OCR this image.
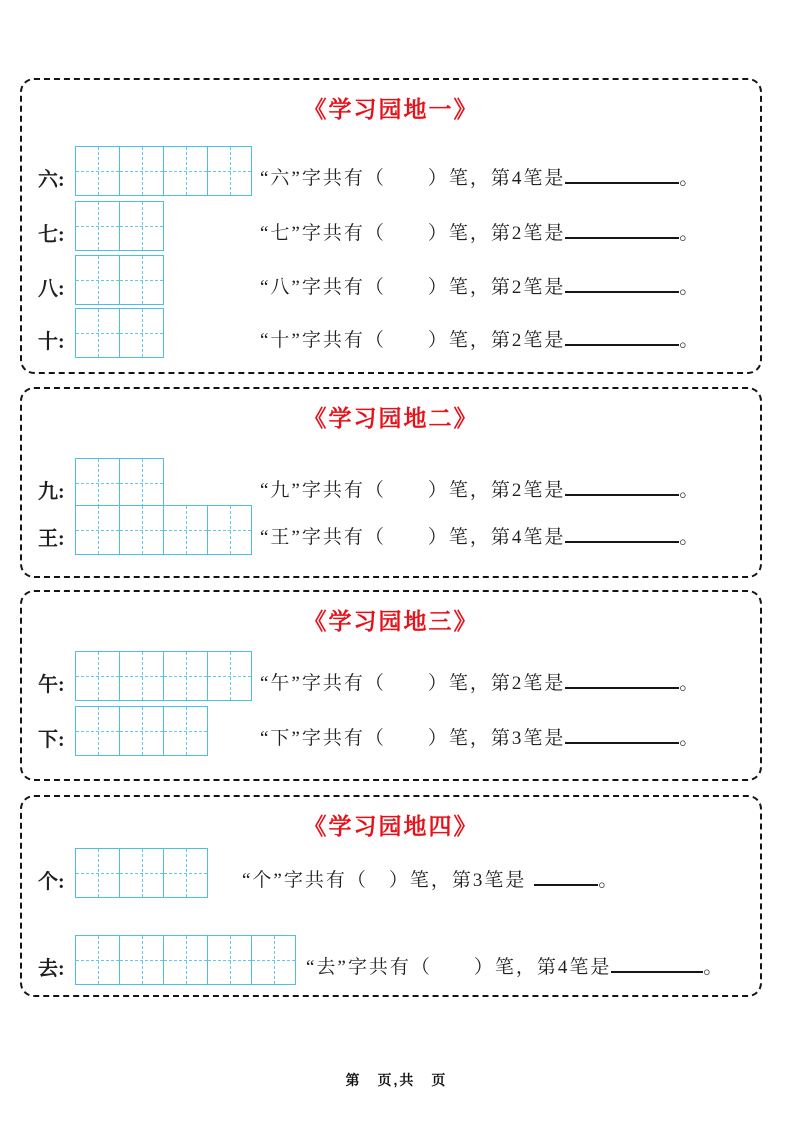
《学习园地一》
六:	“六”字共有（　　）笔，第4笔是	。
七:	“七”字共有（　　）笔，第2笔是	。
八:	“八”字共有（　　）笔，第2笔是	。
十:	“十”字共有（　　）笔，第2笔是	。
《学习园地二》
九:	“九”字共有（　　）笔，第2笔是	。
王:	“王”字共有（　　）笔，第4笔是	。
《学习园地三》
午:	“午”字共有（　　）笔，第2笔是	。
下:	“下”字共有（　　）笔，第3笔是	。
《学习园地四》
个:	“个”字共有（　）笔，第3笔是	。
去:	“去”字共有（　　）笔，第4笔是	。
第　页,共　页
